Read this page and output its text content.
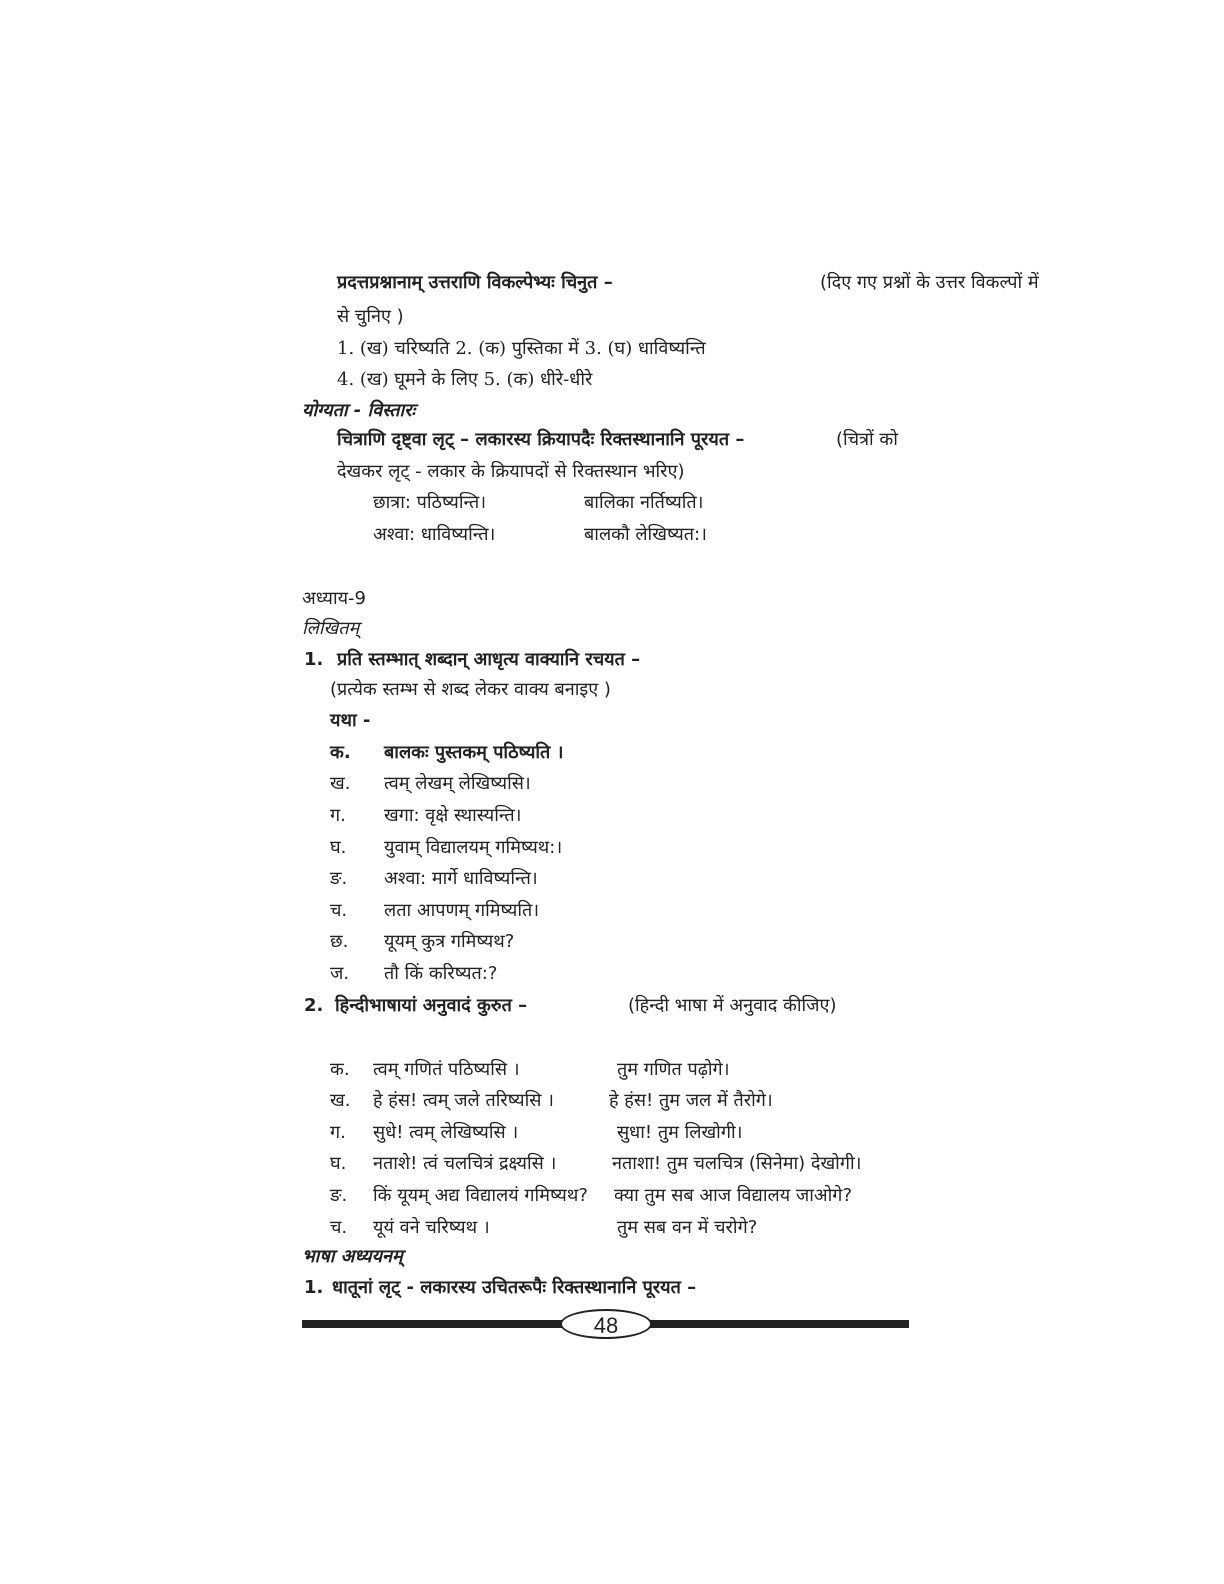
प्रदत्तप्रश्नानाम् उत्तराणि विकल्पेभ्यः चिनुत –	(दिए गए प्रश्नों के उत्तर विकल्पों में
से चुनिए )
1. (ख) चरिष्यति 2. (क) पुस्तिका में 3. (घ) धाविष्यन्ति
4. (ख) घूमने के लिए 5. (क) धीरे-धीरे
योग्यता - विस्तारः
चित्राणि दृष्ट्वा लृट् – लकारस्य क्रियापदैः रिक्तस्थानानि पूरयत –	(चित्रों को
देखकर लृट् - लकार के क्रियापदों से रिक्तस्थान भरिए)
छात्रा: पठिष्यन्ति।	बालिका नर्तिष्यति।
अश्वा: धाविष्यन्ति।	बालकौ लेखिष्यत:।
अध्याय-9
लिखितम्
1. प्रति स्तम्भात् शब्दान् आधृत्य वाक्यानि रचयत –
(प्रत्येक स्तम्भ से शब्द लेकर वाक्य बनाइए )
यथा -
क. बालकः पुस्तकम् पठिष्यति ।
ख. त्वम् लेखम् लेखिष्यसि।
ग. खगा: वृक्षे स्थास्यन्ति।
घ. युवाम् विद्यालयम् गमिष्यथ:।
ङ. अश्वा: मार्गे धाविष्यन्ति।
च. लता आपणम् गमिष्यति।
छ. यूयम् कुत्र गमिष्यथ?
ज. तौ किं करिष्यत:?
2. हिन्दीभाषायां अनुवादं कुरुत –	(हिन्दी भाषा में अनुवाद कीजिए)
क. त्वम् गणितं पठिष्यसि ।	तुम गणित पढ़ोगे।
ख. हे हंस! त्वम् जले तरिष्यसि ।	हे हंस! तुम जल में तैरोगे।
ग. सुधे! त्वम् लेखिष्यसि ।	सुधा! तुम लिखोगी।
घ. नताशे! त्वं चलचित्रं द्रक्ष्यसि ।	नताशा! तुम चलचित्र (सिनेमा) देखोगी।
ङ. किं यूयम् अद्य विद्यालयं गमिष्यथ? क्या तुम सब आज विद्यालय जाओगे?
च. यूयं वने चरिष्यथ ।	तुम सब वन में चरोगे?
भाषा अध्ययनम्
1. धातूनां लृट् - लकारस्य उचितरूपैः रिक्तस्थानानि पूरयत –
48
